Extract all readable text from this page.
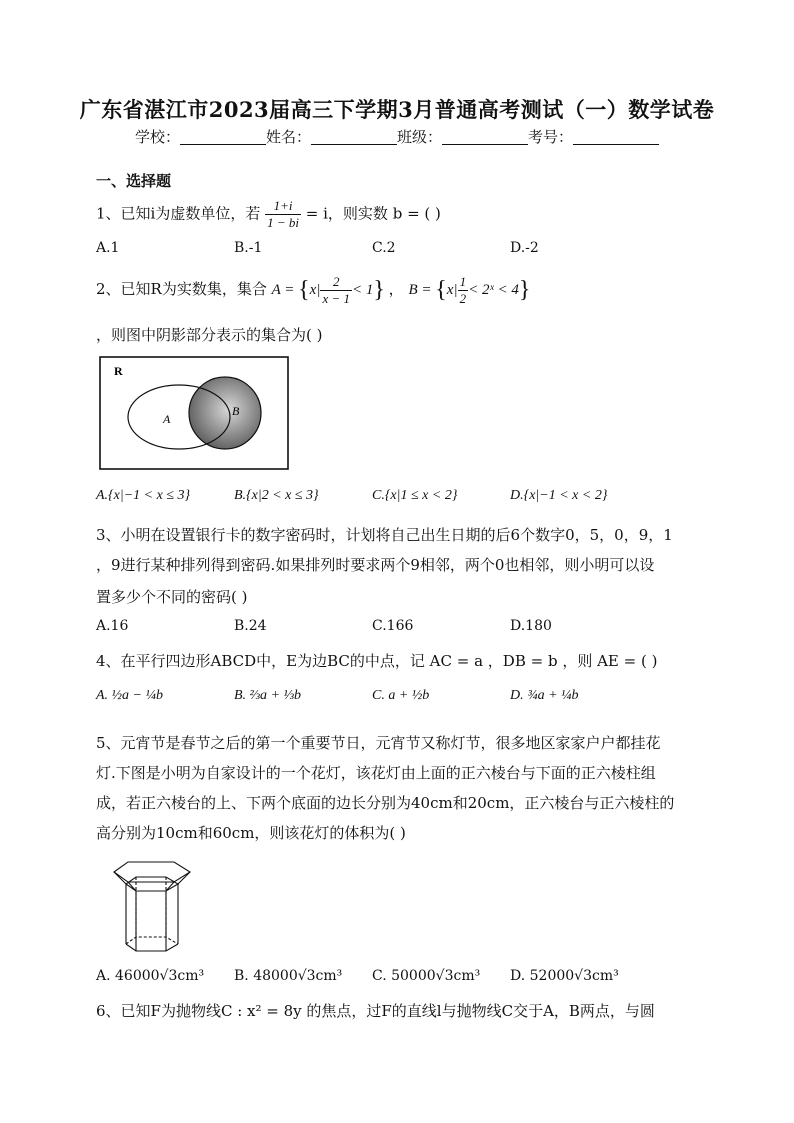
广东省湛江市2023届高三下学期3月普通高考测试（一）数学试卷
学校：	姓名：	班级：	考号：
一、选择题
1、已知i为虚数单位，若 $\frac{1+i}{1 - bi} = i$，则实数 b = ( )
A.1	B.-1	C.2	D.-2
2、已知R为实数集，集合 $A = \{x| \frac{2}{x - 1} < 1\}$ ， $B = \{x| \frac{1}{2}$ < 2ˣ < 4}
，则图中阴影部分表示的集合为( )
R
A
B
A.{x|−1 < x ≤ 3}	B.{x|2 < x ≤ 3}	C.{x|1 ≤ x < 2}	D.{x|−1 < x < 2}
3、小明在设置银行卡的数字密码时，计划将自己出生日期的后6个数字0，5，0，9，1
，9进行某种排列得到密码.如果排列时要求两个9相邻，两个0也相邻，则小明可以设
置多少个不同的密码( )
A.16	B.24	C.166	D.180
4、在平行四边形ABCD中，E为边BC的中点，记 AC = a ，DB = b ，则 AE = ( )
A. ½a − ¼b	B. ⅔a + ⅓b	C. a + ½b	D. ¾a + ¼b
5、元宵节是春节之后的第一个重要节日，元宵节又称灯节，很多地区家家户户都挂花
灯.下图是小明为自家设计的一个花灯，该花灯由上面的正六棱台与下面的正六棱柱组
成，若正六棱台的上、下两个底面的边长分别为40cm和20cm，正六棱台与正六棱柱的
高分别为10cm和60cm，则该花灯的体积为( )
A. 46000√3cm³ B. 48000√3cm³ C. 50000√3cm³ D. 52000√3cm³
6、已知F为抛物线C : x² = 8y 的焦点，过F的直线l与抛物线C交于A，B两点，与圆
